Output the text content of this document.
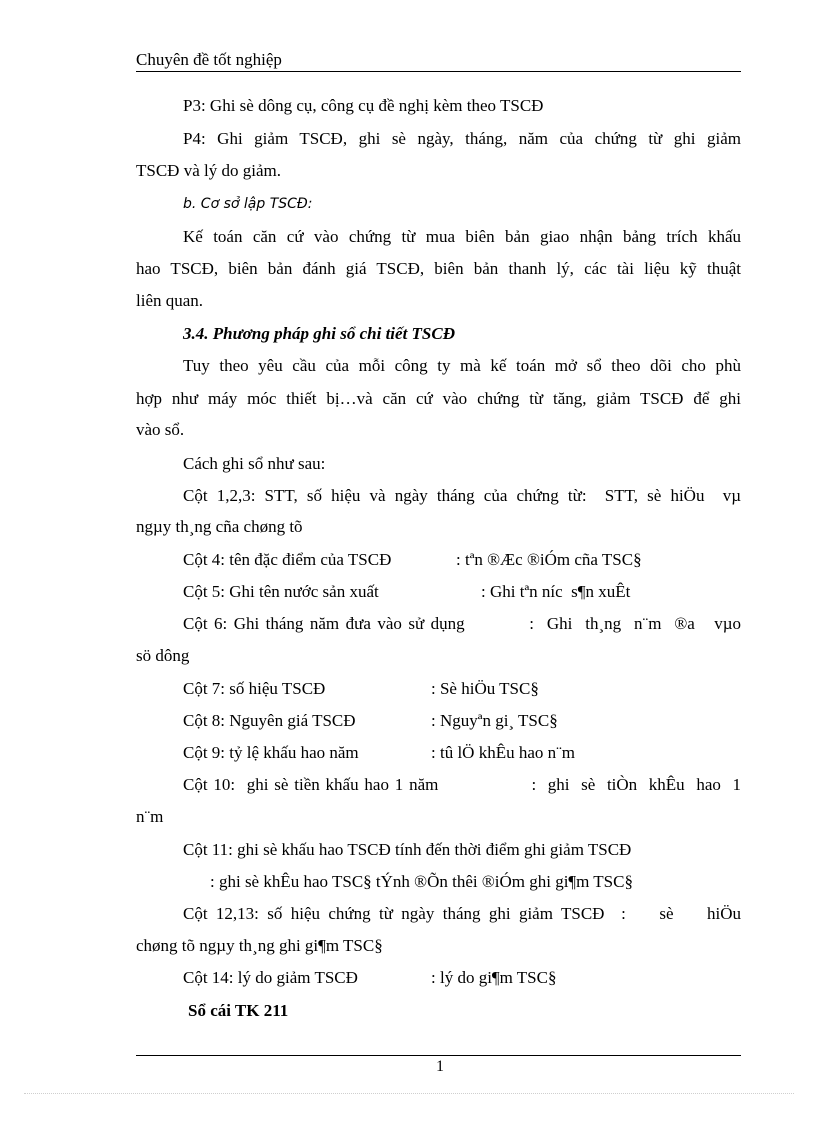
Chuyên đề tốt nghiệp
P3: Ghi sè dông cụ, công cụ đề nghị kèm theo TSCĐ
P4: Ghi giảm TSCĐ, ghi sè ngày, tháng, năm của chứng từ ghi giảm
TSCĐ và lý do giảm.
b. Cơ sở lập TSCĐ:
Kế toán căn cứ vào chứng từ mua biên bản giao nhận bảng trích khấu
hao TSCĐ, biên bản đánh giá TSCĐ, biên bản thanh lý, các tài liệu kỹ thuật
liên quan.
3.4. Phương pháp ghi sổ chi tiết TSCĐ
Tuy theo yêu cầu của mỗi công ty mà kế toán mở sổ theo dõi cho phù
hợp như máy móc thiết bị…và căn cứ vào chứng từ tăng, giảm TSCĐ để ghi
vào sổ.
Cách ghi sổ như sau:
Cột 1,2,3: STT, số hiệu và ngày tháng của chứng từ:  STT, sè hiÖu  vµ
ngµy th¸ng cña chøng tõ
Cột 4: tên đặc điểm của TSCĐ	: tªn ®Æc ®iÓm cña TSC§
Cột 5: Ghi tên nước sản xuất	: Ghi tªn níc  s¶n xuÊt
Cột 6: Ghi tháng năm đưa vào sử dụng          :  Ghi  th¸ng  n¨m  ®a   vµo
sö dông
Cột 7: số hiệu TSCĐ	: Sè hiÖu TSC§
Cột 8: Nguyên giá TSCĐ	: Nguyªn gi¸ TSC§
Cột 9: tỷ lệ khấu hao năm	: tû lÖ khÊu hao n¨m
Cột 10:  ghi sè tiền khấu hao 1 năm                :  ghi  sè  tiÒn  khÊu  hao  1
n¨m
Cột 11: ghi sè khấu hao TSCĐ tính đến thời điểm ghi giảm TSCĐ
: ghi sè khÊu hao TSC§ tÝnh ®Õn thêi ®iÓm ghi gi¶m TSC§
Cột 12,13: số hiệu chứng từ ngày tháng ghi giảm TSCĐ  :    sè    hiÖu
chøng tõ ngµy th¸ng ghi gi¶m TSC§
Cột 14: lý do giảm TSCĐ	: lý do gi¶m TSC§
Sổ cái TK 211
1
